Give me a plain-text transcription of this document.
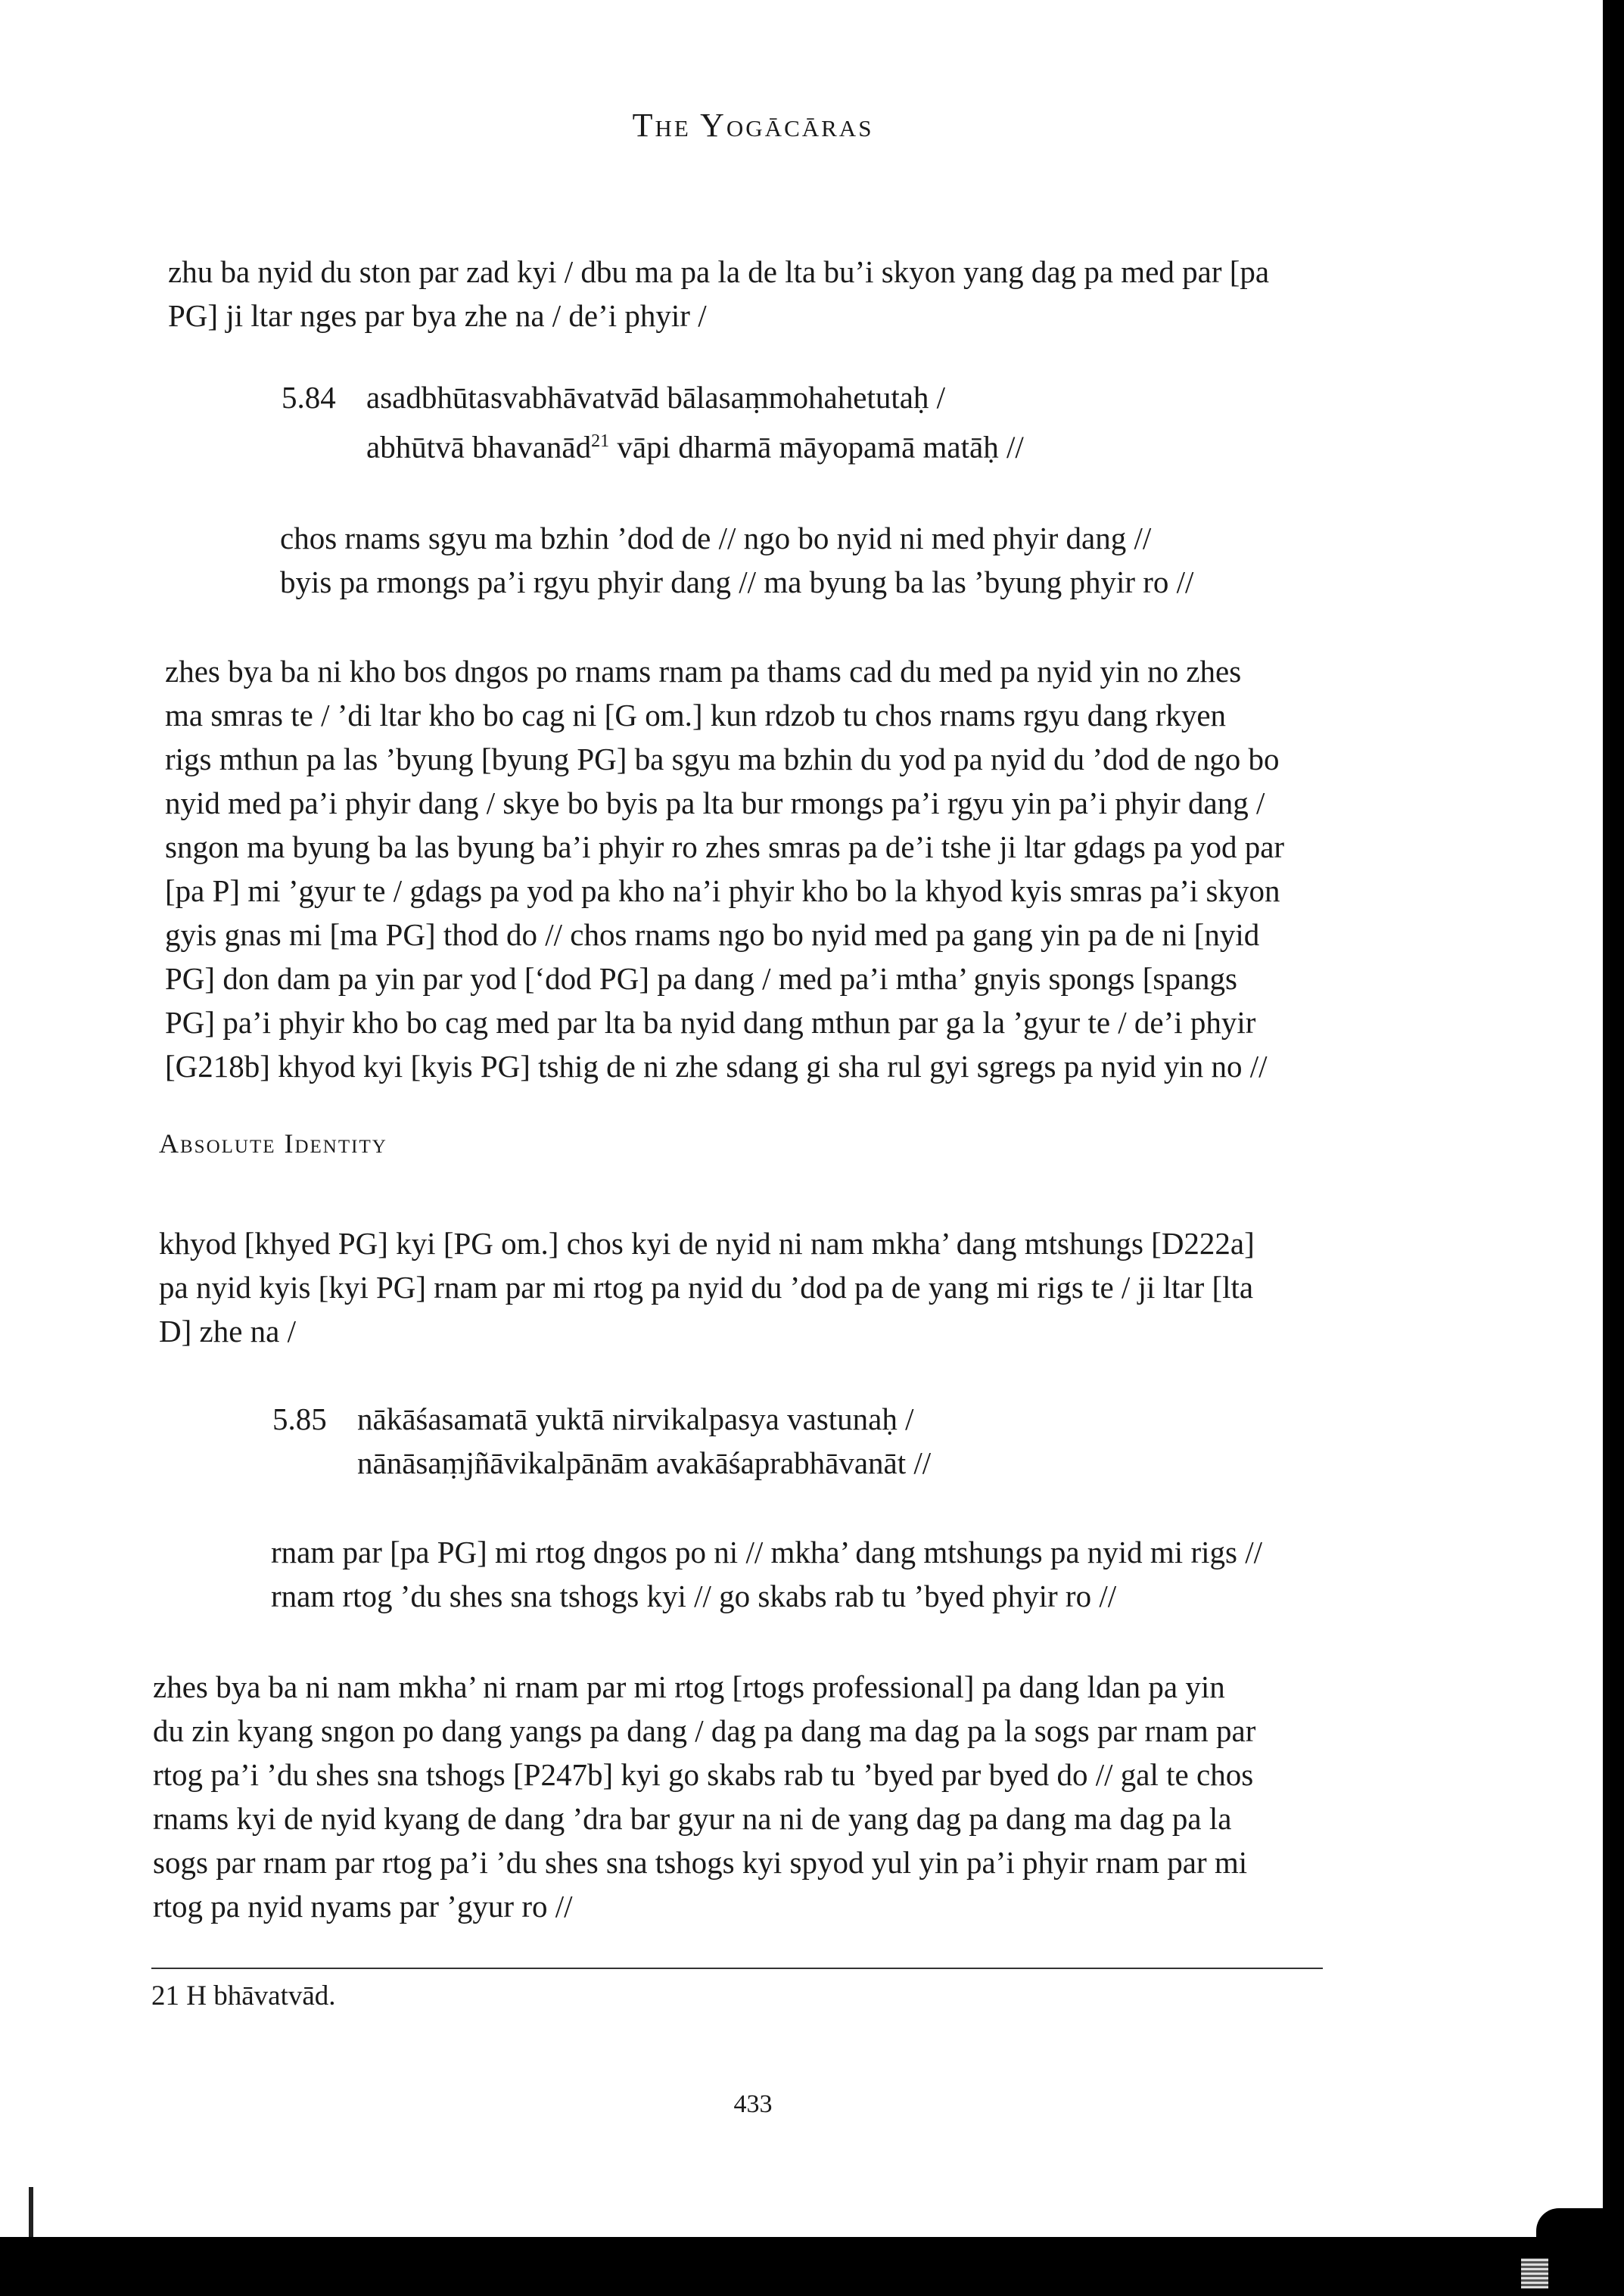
The Yogācāras

zhu ba nyid du ston par zad kyi / dbu ma pa la de lta bu’i skyon yang dag pa med par [pa
PG] ji ltar nges par bya zhe na / de’i phyir /

5.84 asadbhūtasvabhāvatvād bālasaṃmohahetutaḥ /
abhūtvā bhavanād$^{21}$ vāpi dharmā māyopamā matāḥ //
chos rnams sgyu ma bzhin ’dod de // ngo bo nyid ni med phyir dang //
byis pa rmongs pa’i rgyu phyir dang // ma byung ba las ’byung phyir ro //

zhes bya ba ni kho bos dngos po rnams rnam pa thams cad du med pa nyid yin no zhes
ma smras te / ’di ltar kho bo cag ni [G om.] kun rdzob tu chos rnams rgyu dang rkyen
rigs mthun pa las ’byung [byung PG] ba sgyu ma bzhin du yod pa nyid du ’dod de ngo bo
nyid med pa’i phyir dang / skye bo byis pa lta bur rmongs pa’i rgyu yin pa’i phyir dang /
sngon ma byung ba las byung ba’i phyir ro zhes smras pa de’i tshe ji ltar gdags pa yod par
[pa P] mi ’gyur te / gdags pa yod pa kho na’i phyir kho bo la khyod kyis smras pa’i skyon
gyis gnas mi [ma PG] thod do // chos rnams ngo bo nyid med pa gang yin pa de ni [nyid
PG] don dam pa yin par yod [‘dod PG] pa dang / med pa’i mtha’ gnyis spongs [spangs
PG] pa’i phyir kho bo cag med par lta ba nyid dang mthun par ga la ’gyur te / de’i phyir
[G218b] khyod kyi [kyis PG] tshig de ni zhe sdang gi sha rul gyi sgregs pa nyid yin no //

Absolute Identity

khyod [khyed PG] kyi [PG om.] chos kyi de nyid ni nam mkha’ dang mtshungs [D222a]
pa nyid kyis [kyi PG] rnam par mi rtog pa nyid du ’dod pa de yang mi rigs te / ji ltar [lta
D] zhe na /

5.85 nākāśasamatā yuktā nirvikalpasya vastunaḥ /
nānāsaṃjñāvikalpānām avakāśaprabhāvanāt //
rnam par [pa PG] mi rtog dngos po ni // mkha’ dang mtshungs pa nyid mi rigs //
rnam rtog ’du shes sna tshogs kyi // go skabs rab tu ’byed phyir ro //

zhes bya ba ni nam mkha’ ni rnam par mi rtog [rtogs professional] pa dang ldan pa yin
du zin kyang sngon po dang yangs pa dang / dag pa dang ma dag pa la sogs par rnam par
rtog pa’i ’du shes sna tshogs [P247b] kyi go skabs rab tu ’byed par byed do // gal te chos
rnams kyi de nyid kyang de dang ’dra bar gyur na ni de yang dag pa dang ma dag pa la
sogs par rnam par rtog pa’i ’du shes sna tshogs kyi spyod yul yin pa’i phyir rnam par mi
rtog pa nyid nyams par ’gyur ro //

21 H bhāvatvād.
433
